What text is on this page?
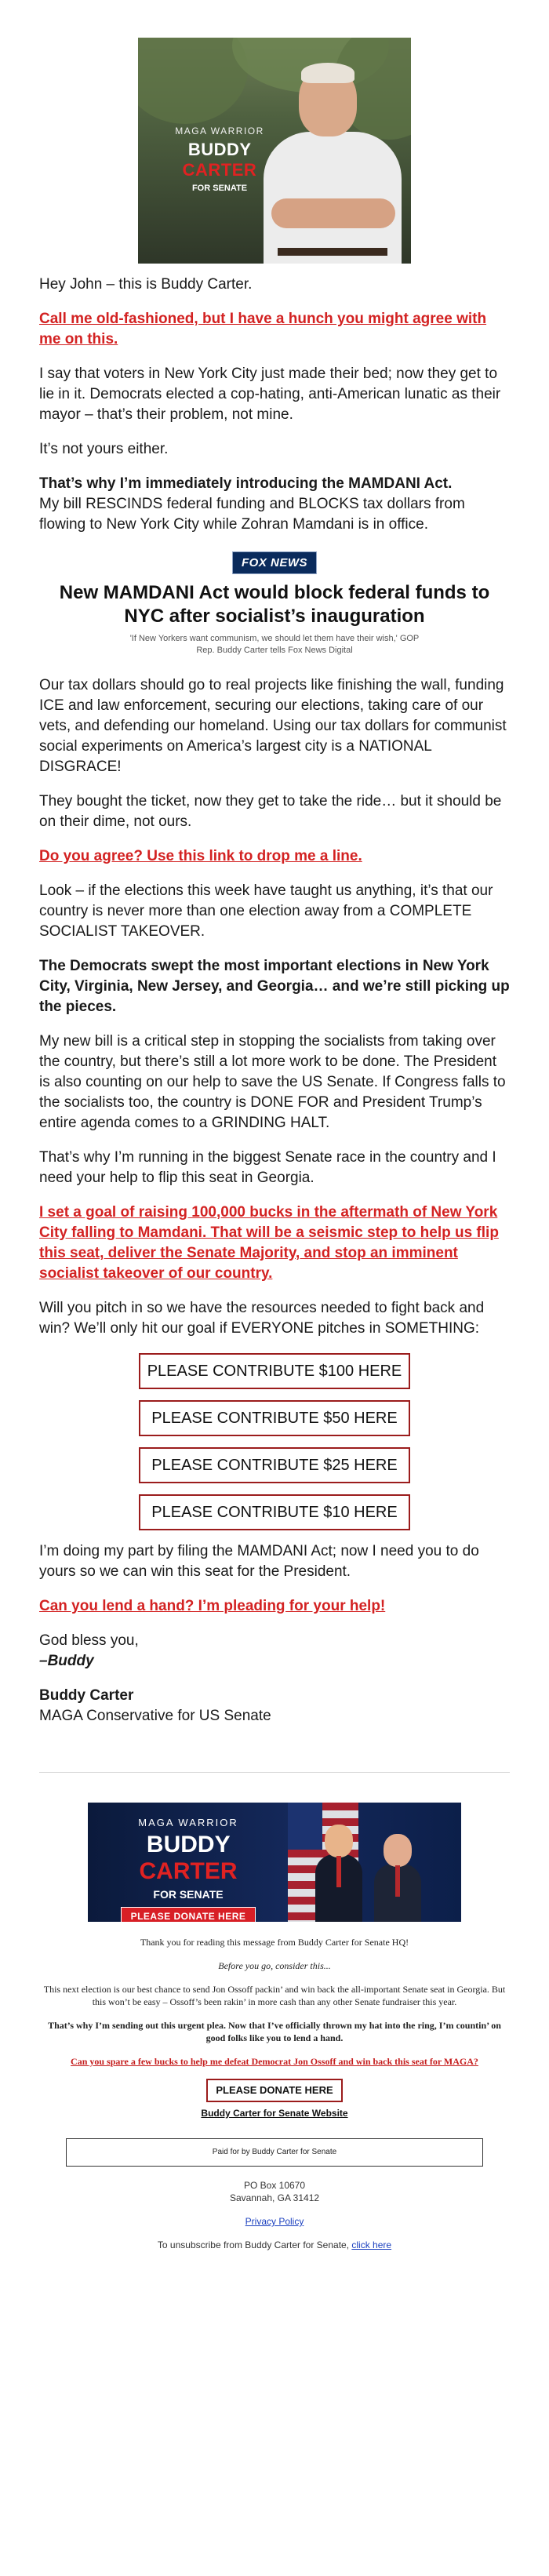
MAGA WARRIOR
BUDDY CARTER
FOR SENATE

Hey John – this is Buddy Carter.

Call me old-fashioned, but I have a hunch you might agree with me on this.

I say that voters in New York City just made their bed; now they get to lie in it. Democrats elected a cop-hating, anti-American lunatic as their mayor – that’s their problem, not mine.

It’s not yours either.

That’s why I’m immediately introducing the MAMDANI Act.
My bill RESCINDS federal funding and BLOCKS tax dollars from flowing to New York City while Zohran Mamdani is in office.

FOX NEWS
New MAMDANI Act would block federal funds to NYC after socialist’s inauguration
'If New Yorkers want communism, we should let them have their wish,' GOP Rep. Buddy Carter tells Fox News Digital

Our tax dollars should go to real projects like finishing the wall, funding ICE and law enforcement, securing our elections, taking care of our vets, and defending our homeland. Using our tax dollars for communist social experiments on America’s largest city is a NATIONAL DISGRACE!

They bought the ticket, now they get to take the ride… but it should be on their dime, not ours.

Do you agree? Use this link to drop me a line.

Look – if the elections this week have taught us anything, it’s that our country is never more than one election away from a COMPLETE SOCIALIST TAKEOVER.

The Democrats swept the most important elections in New York City, Virginia, New Jersey, and Georgia… and we’re still picking up the pieces.

My new bill is a critical step in stopping the socialists from taking over the country, but there’s still a lot more work to be done. The President is also counting on our help to save the US Senate. If Congress falls to the socialists too, the country is DONE FOR and President Trump’s entire agenda comes to a GRINDING HALT.

That’s why I’m running in the biggest Senate race in the country and I need your help to flip this seat in Georgia.

I set a goal of raising 100,000 bucks in the aftermath of New York City falling to Mamdani. That will be a seismic step to help us flip this seat, deliver the Senate Majority, and stop an imminent socialist takeover of our country.

Will you pitch in so we have the resources needed to fight back and win? We’ll only hit our goal if EVERYONE pitches in SOMETHING:

PLEASE CONTRIBUTE $100 HERE
PLEASE CONTRIBUTE $50 HERE
PLEASE CONTRIBUTE $25 HERE
PLEASE CONTRIBUTE $10 HERE

I’m doing my part by filing the MAMDANI Act; now I need you to do yours so we can win this seat for the President.

Can you lend a hand? I’m pleading for your help!

God bless you,
–Buddy

Buddy Carter

MAGA Conservative for US Senate

MAGA WARRIOR
BUDDY CARTER
FOR SENATE
PLEASE DONATE HERE

Thank you for reading this message from Buddy Carter for Senate HQ!

Before you go, consider this...

This next election is our best chance to send Jon Ossoff packin’ and win back the all-important Senate seat in Georgia. But this won’t be easy – Ossoff’s been rakin’ in more cash than any other Senate fundraiser this year.

That’s why I’m sending out this urgent plea. Now that I’ve officially thrown my hat into the ring, I’m countin’ on good folks like you to lend a hand.

Can you spare a few bucks to help me defeat Democrat Jon Ossoff and win back this seat for MAGA?

PLEASE DONATE HERE

Buddy Carter for Senate Website

Paid for by Buddy Carter for Senate

PO Box 10670
Savannah, GA 31412

Privacy Policy

To unsubscribe from Buddy Carter for Senate, click here
